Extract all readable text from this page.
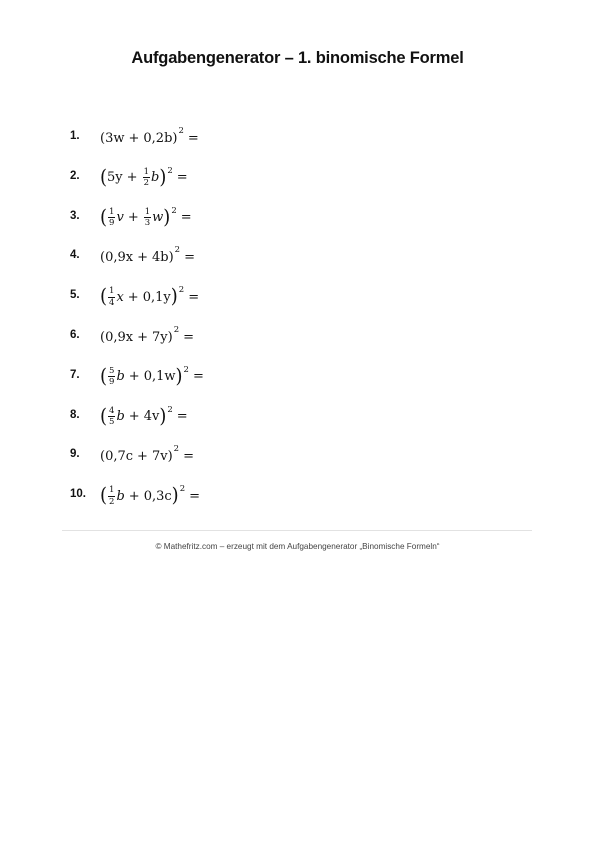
Aufgabengenerator – 1. binomische Formel
1. ( 3w + 0,2b ) 2 =
2. ( $5y + \frac{1}{2}$ b ) 2 =
3. ( $\frac{1}{9}$ $v + \frac{1}{3}$ w ) 2 =
4. ( 0,9x + 4b ) 2 =
5. ( $\frac{1}{4}$ x + 0,1y ) 2 =
6. ( 0,9x + 7y ) 2 =
7. ( $\frac{5}{9}$ b + 0,1w ) 2 =
8. ( $\frac{4}{5}$ b + 4v ) 2 =
9. ( 0,7c + 7v ) 2 =
10. ( $\frac{1}{2}$ b + 0,3c ) 2 =
© Mathefritz.com – erzeugt mit dem Aufgabengenerator „Binomische Formeln“
